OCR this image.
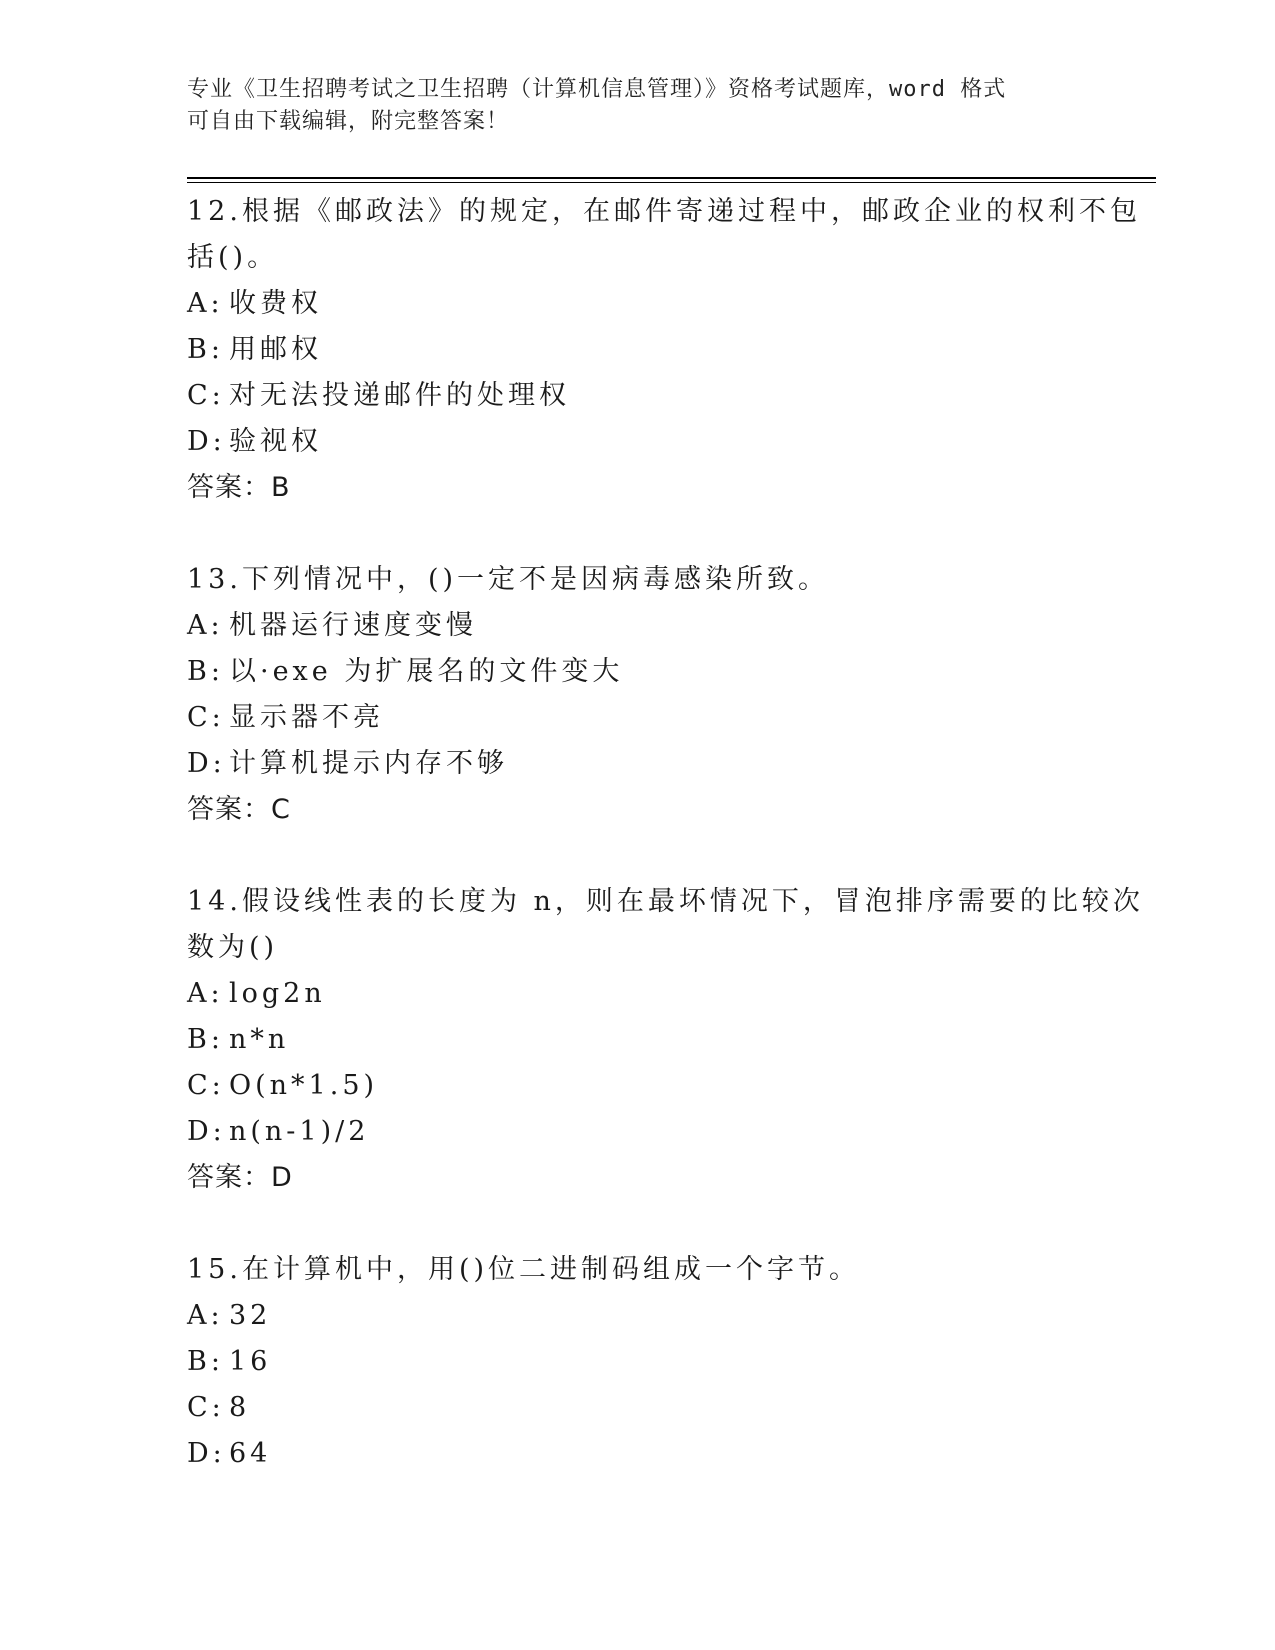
专业《卫生招聘考试之卫生招聘（计算机信息管理）》资格考试题库，word 格式
可自由下载编辑，附完整答案！
12.根据《邮政法》的规定，在邮件寄递过程中，邮政企业的权利不包
括()。
A: 收费权
B: 用邮权
C: 对无法投递邮件的处理权
D: 验视权
答案：B
13.下列情况中，()一定不是因病毒感染所致。
A: 机器运行速度变慢
B: 以·exe 为扩展名的文件变大
C: 显示器不亮
D: 计算机提示内存不够
答案：C
14.假设线性表的长度为 n，则在最坏情况下，冒泡排序需要的比较次
数为()
A: log2n
B: n*n
C: O(n*1.5)
D: n(n-1)/2
答案：D
15.在计算机中，用()位二进制码组成一个字节。
A: 32
B: 16
C: 8
D: 64
